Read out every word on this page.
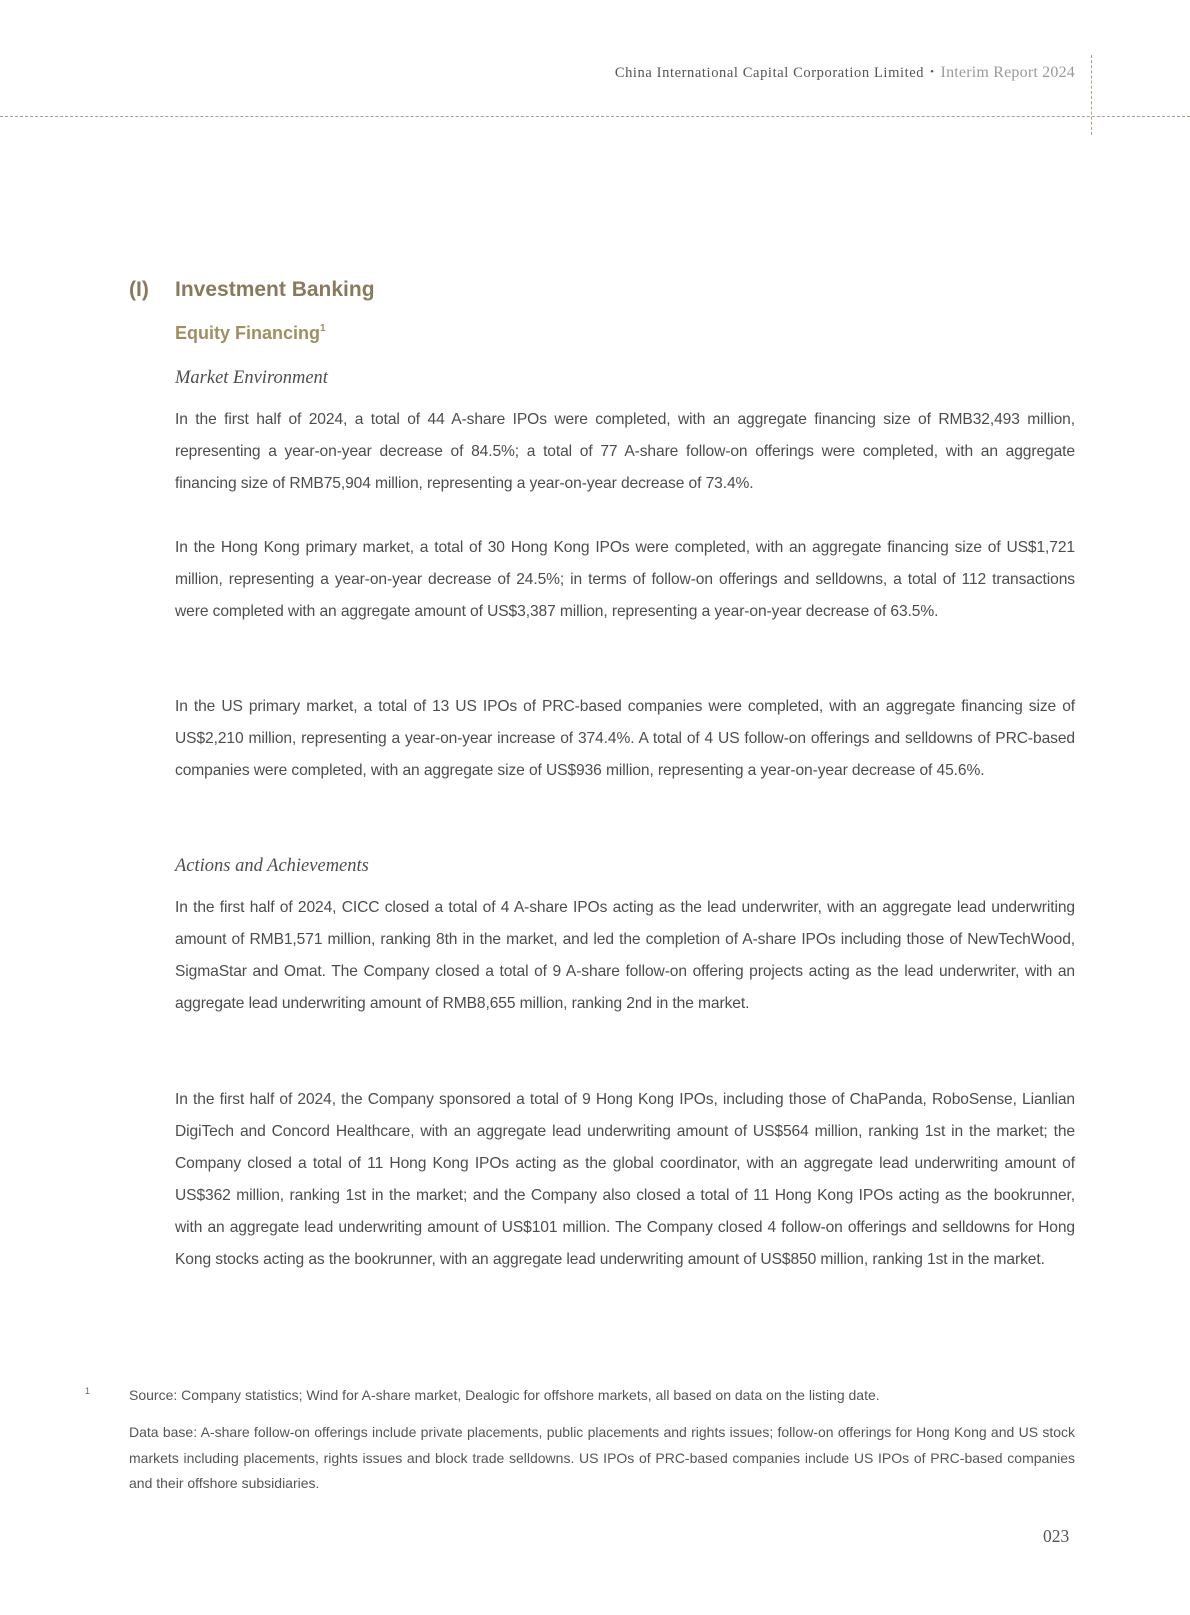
China International Capital Corporation Limited • Interim Report 2024
(I) Investment Banking
Equity Financing$^1$
Market Environment
In the first half of 2024, a total of 44 A-share IPOs were completed, with an aggregate financing size of RMB32,493 million, representing a year-on-year decrease of 84.5%; a total of 77 A-share follow-on offerings were completed, with an aggregate financing size of RMB75,904 million, representing a year-on-year decrease of 73.4%.
In the Hong Kong primary market, a total of 30 Hong Kong IPOs were completed, with an aggregate financing size of US$1,721 million, representing a year-on-year decrease of 24.5%; in terms of follow-on offerings and selldowns, a total of 112 transactions were completed with an aggregate amount of US$3,387 million, representing a year-on-year decrease of 63.5%.
In the US primary market, a total of 13 US IPOs of PRC-based companies were completed, with an aggregate financing size of US$2,210 million, representing a year-on-year increase of 374.4%. A total of 4 US follow-on offerings and selldowns of PRC-based companies were completed, with an aggregate size of US$936 million, representing a year-on-year decrease of 45.6%.
Actions and Achievements
In the first half of 2024, CICC closed a total of 4 A-share IPOs acting as the lead underwriter, with an aggregate lead underwriting amount of RMB1,571 million, ranking 8th in the market, and led the completion of A-share IPOs including those of NewTechWood, SigmaStar and Omat. The Company closed a total of 9 A-share follow-on offering projects acting as the lead underwriter, with an aggregate lead underwriting amount of RMB8,655 million, ranking 2nd in the market.
In the first half of 2024, the Company sponsored a total of 9 Hong Kong IPOs, including those of ChaPanda, RoboSense, Lianlian DigiTech and Concord Healthcare, with an aggregate lead underwriting amount of US$564 million, ranking 1st in the market; the Company closed a total of 11 Hong Kong IPOs acting as the global coordinator, with an aggregate lead underwriting amount of US$362 million, ranking 1st in the market; and the Company also closed a total of 11 Hong Kong IPOs acting as the bookrunner, with an aggregate lead underwriting amount of US$101 million. The Company closed 4 follow-on offerings and selldowns for Hong Kong stocks acting as the bookrunner, with an aggregate lead underwriting amount of US$850 million, ranking 1st in the market.
1	Source: Company statistics; Wind for A-share market, Dealogic for offshore markets, all based on data on the listing date.
Data base: A-share follow-on offerings include private placements, public placements and rights issues; follow-on offerings for Hong Kong and US stock markets including placements, rights issues and block trade selldowns. US IPOs of PRC-based companies include US IPOs of PRC-based companies and their offshore subsidiaries.
023
